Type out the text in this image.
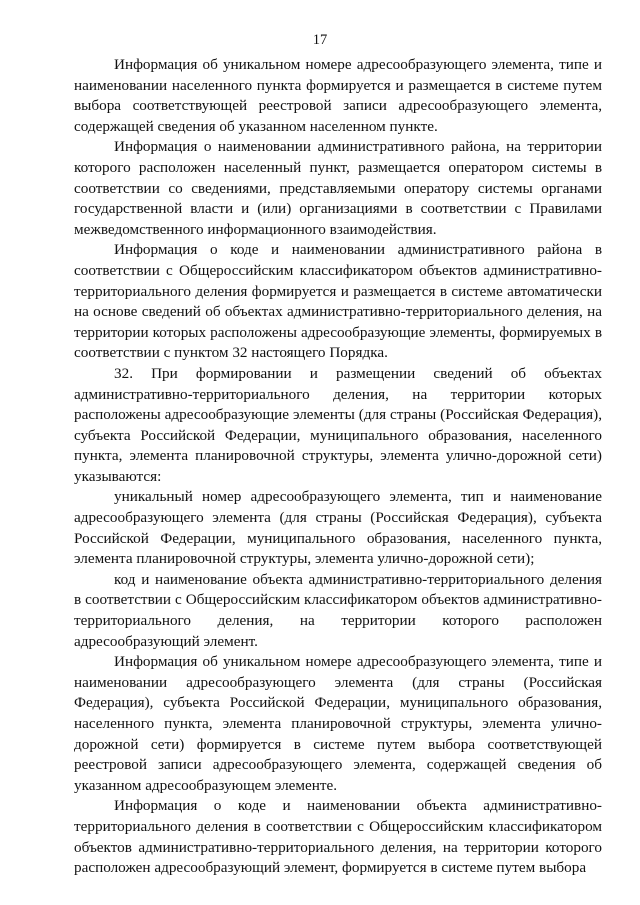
17

Информация об уникальном номере адресообразующего элемента, типе и наименовании населенного пункта формируется и размещается в системе путем выбора соответствующей реестровой записи адресообразующего элемента, содержащей сведения об указанном населенном пункте.

Информация о наименовании административного района, на территории которого расположен населенный пункт, размещается оператором системы в соответствии со сведениями, представляемыми оператору системы органами государственной власти и (или) организациями в соответствии с Правилами межведомственного информационного взаимодействия.

Информация о коде и наименовании административного района в соответствии с Общероссийским классификатором объектов административно-территориального деления формируется и размещается в системе автоматически на основе сведений об объектах административно-территориального деления, на территории которых расположены адресообразующие элементы, формируемых в соответствии с пунктом 32 настоящего Порядка.

32. При формировании и размещении сведений об объектах административно-территориального деления, на территории которых расположены адресообразующие элементы (для страны (Российская Федерация), субъекта Российской Федерации, муниципального образования, населенного пункта, элемента планировочной структуры, элемента улично-дорожной сети) указываются:

уникальный номер адресообразующего элемента, тип и наименование адресообразующего элемента (для страны (Российская Федерация), субъекта Российской Федерации, муниципального образования, населенного пункта, элемента планировочной структуры, элемента улично-дорожной сети);

код и наименование объекта административно-территориального деления в соответствии с Общероссийским классификатором объектов административно-территориального деления, на территории которого расположен адресообразующий элемент.

Информация об уникальном номере адресообразующего элемента, типе и наименовании адресообразующего элемента (для страны (Российская Федерация), субъекта Российской Федерации, муниципального образования, населенного пункта, элемента планировочной структуры, элемента улично-дорожной сети) формируется в системе путем выбора соответствующей реестровой записи адресообразующего элемента, содержащей сведения об указанном адресообразующем элементе.

Информация о коде и наименовании объекта административно-территориального деления в соответствии с Общероссийским классификатором объектов административно-территориального деления, на территории которого расположен адресообразующий элемент, формируется в системе путем выбора
